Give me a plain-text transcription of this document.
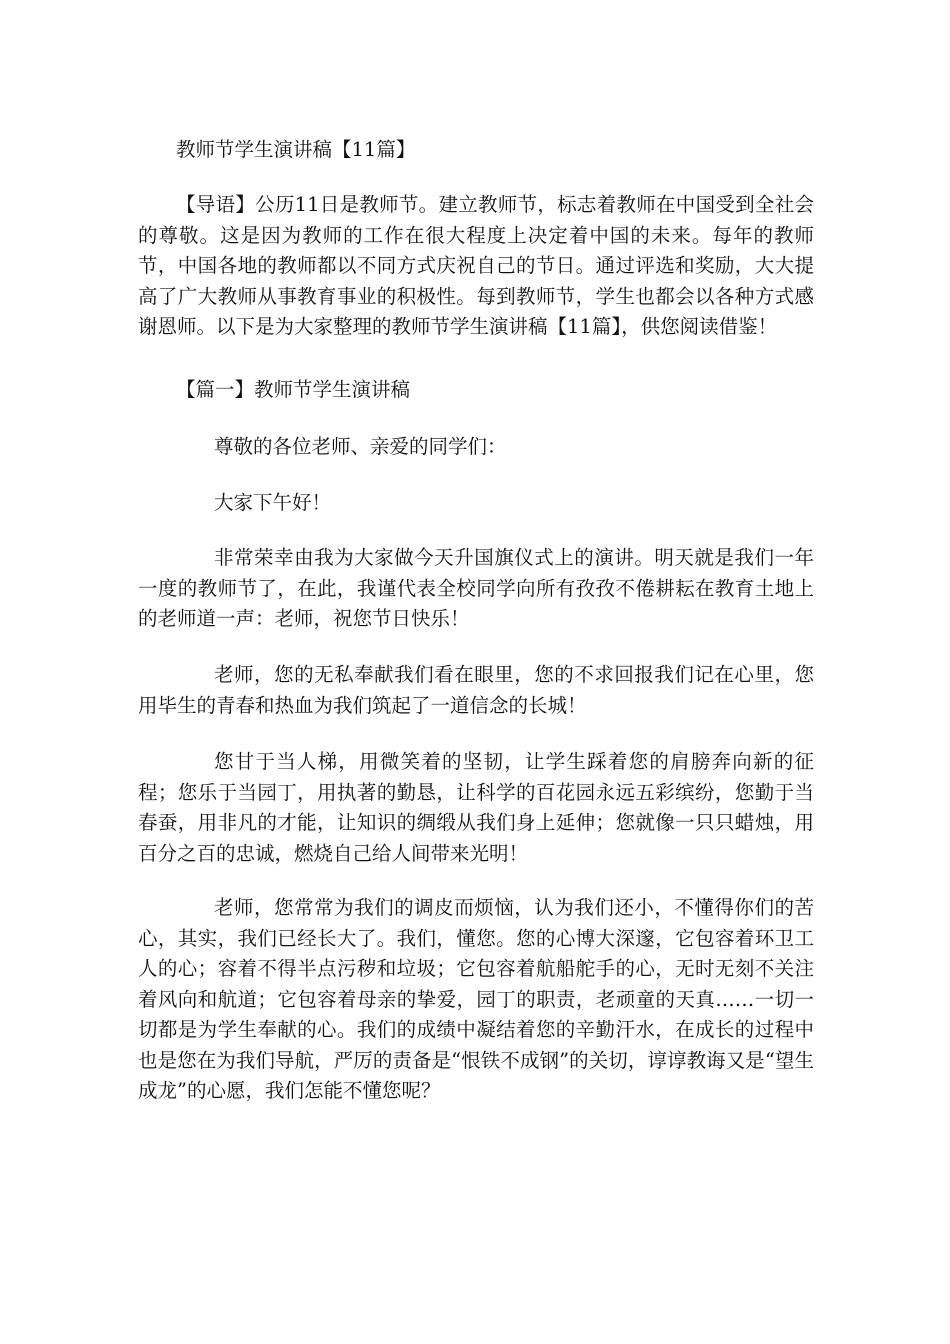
教师节学生演讲稿【11篇】

【导语】公历11日是教师节。建立教师节，标志着教师在中国受到全社会的尊敬。这是因为教师的工作在很大程度上决定着中国的未来。每年的教师节，中国各地的教师都以不同方式庆祝自己的节日。通过评选和奖励，大大提高了广大教师从事教育事业的积极性。每到教师节，学生也都会以各种方式感谢恩师。以下是为大家整理的教师节学生演讲稿【11篇】，供您阅读借鉴！

【篇一】教师节学生演讲稿

尊敬的各位老师、亲爱的同学们：

大家下午好！

非常荣幸由我为大家做今天升国旗仪式上的演讲。明天就是我们一年一度的教师节了，在此，我谨代表全校同学向所有孜孜不倦耕耘在教育土地上的老师道一声：老师，祝您节日快乐！

老师，您的无私奉献我们看在眼里，您的不求回报我们记在心里，您用毕生的青春和热血为我们筑起了一道信念的长城！

您甘于当人梯，用微笑着的坚韧，让学生踩着您的肩膀奔向新的征程；您乐于当园丁，用执著的勤恳，让科学的百花园永远五彩缤纷，您勤于当春蚕，用非凡的才能，让知识的绸缎从我们身上延伸；您就像一只只蜡烛，用百分之百的忠诚，燃烧自己给人间带来光明！

老师，您常常为我们的调皮而烦恼，认为我们还小，不懂得你们的苦心，其实，我们已经长大了。我们，懂您。您的心博大深邃，它包容着环卫工人的心；容着不得半点污秽和垃圾；它包容着航船舵手的心，无时无刻不关注着风向和航道；它包容着母亲的挚爱，园丁的职责，老顽童的天真……一切一切都是为学生奉献的心。我们的成绩中凝结着您的辛勤汗水，在成长的过程中也是您在为我们导航，严厉的责备是“恨铁不成钢”的关切，谆谆教诲又是“望生成龙”的心愿，我们怎能不懂您呢？
